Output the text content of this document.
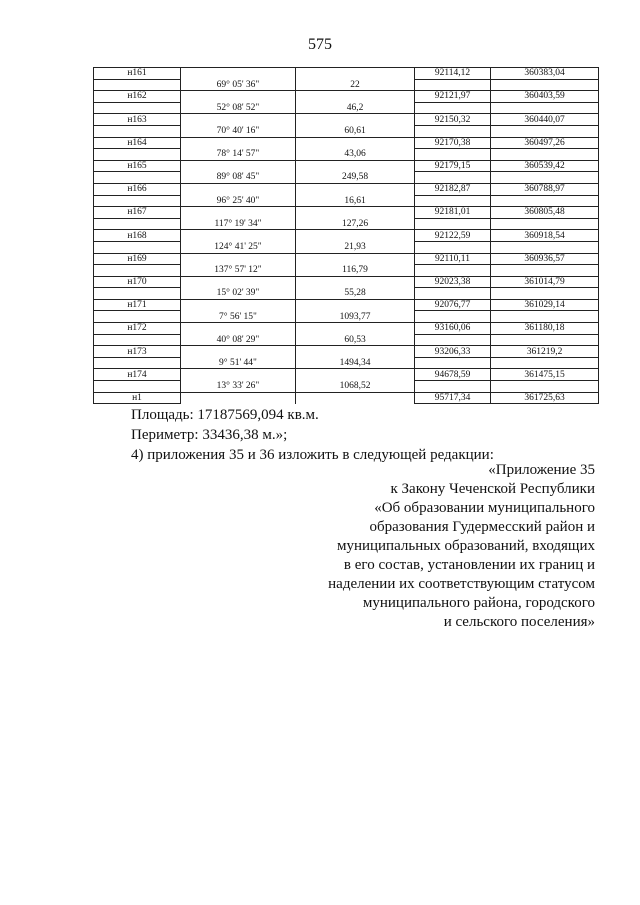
575
н161			92114,12	360383,04
	69° 05' 36"	22		
н162			92121,97	360403,59
	52° 08' 52"	46,2		
н163			92150,32	360440,07
	70° 40' 16"	60,61		
н164			92170,38	360497,26
	78° 14' 57"	43,06		
н165			92179,15	360539,42
	89° 08' 45"	249,58		
н166			92182,87	360788,97
	96° 25' 40"	16,61		
н167			92181,01	360805,48
	117° 19' 34"	127,26		
н168			92122,59	360918,54
	124° 41' 25"	21,93		
н169			92110,11	360936,57
	137° 57' 12"	116,79		
н170			92023,38	361014,79
	15° 02' 39"	55,28		
н171			92076,77	361029,14
	7° 56' 15"	1093,77		
н172			93160,06	361180,18
	40° 08' 29"	60,53		
н173			93206,33	361219,2
	9° 51' 44"	1494,34		
н174			94678,59	361475,15
	13° 33' 26"	1068,52		
н1			95717,34	361725,63
Площадь: 17187569,094 кв.м.
Периметр: 33436,38 м.»;
4) приложения 35 и 36 изложить в следующей редакции:
«Приложение 35
к Закону Чеченской Республики
«Об образовании муниципального
образования Гудермесский район и
муниципальных образований, входящих
в его состав, установлении их границ и
наделении их соответствующим статусом
муниципального района, городского
и сельского поселения»
